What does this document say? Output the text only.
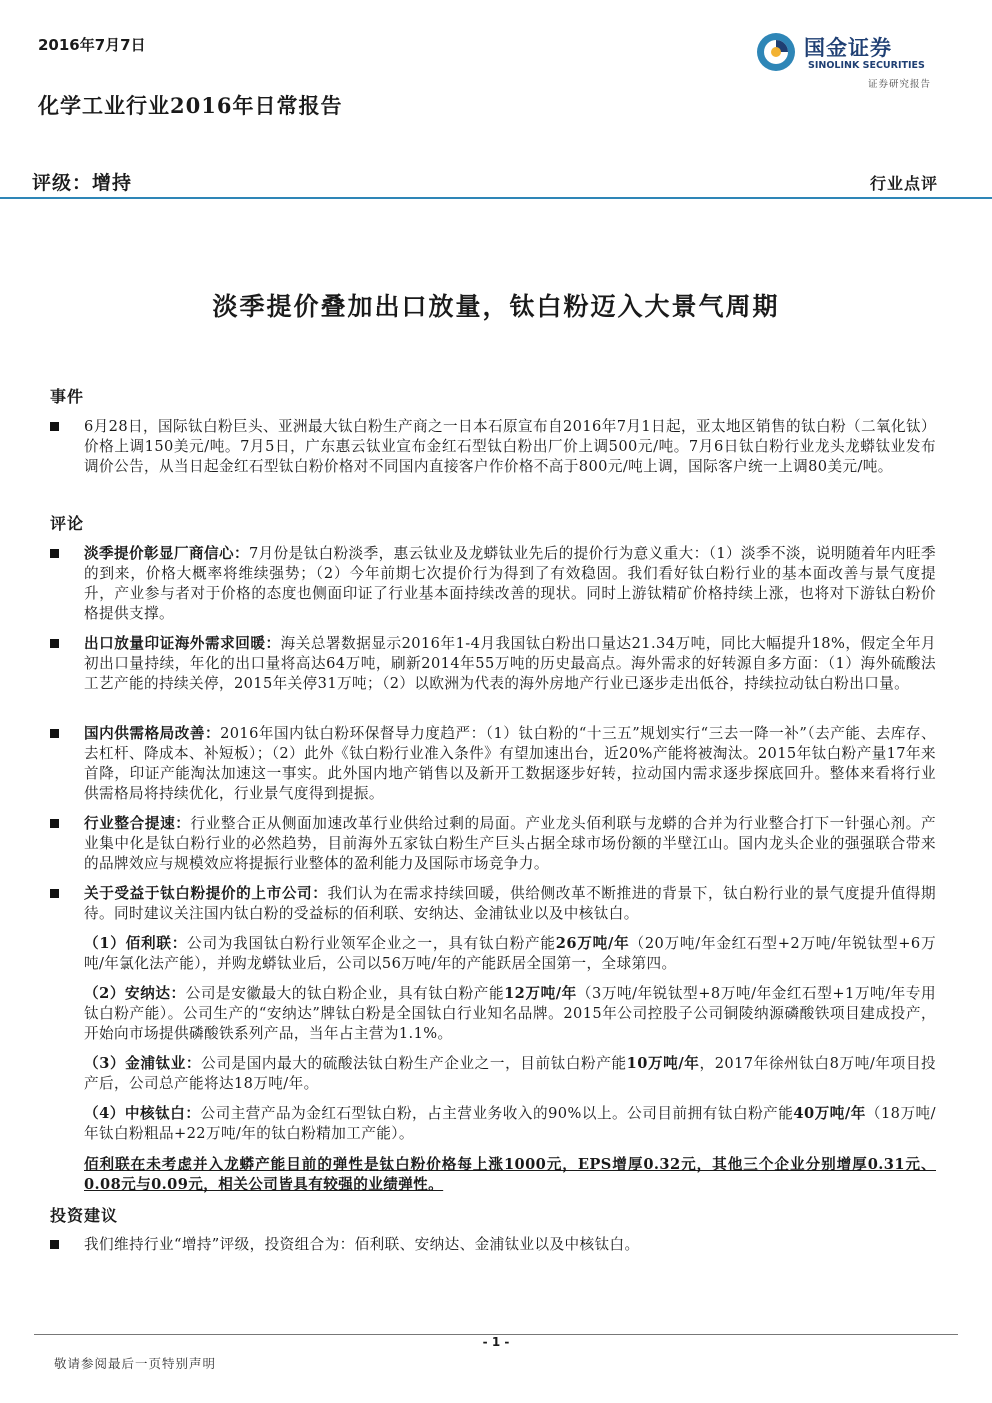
2016年7月7日	国金证券
SINOLINK SECURITIES
证券研究报告
化学工业行业2016年日常报告
评级：增持	行业点评
淡季提价叠加出口放量，钛白粉迈入大景气周期
事件
6月28日，国际钛白粉巨头、亚洲最大钛白粉生产商之一日本石原宣布自2016年7月1日起，亚太地区销售的钛白粉（二氧化钛）价格上调150美元/吨。7月5日，广东惠云钛业宣布金红石型钛白粉出厂价上调500元/吨。7月6日钛白粉行业龙头龙蟒钛业发布调价公告，从当日起金红石型钛白粉价格对不同国内直接客户作价格不高于800元/吨上调，国际客户统一上调80美元/吨。
评论
淡季提价彰显厂商信心：7月份是钛白粉淡季，惠云钛业及龙蟒钛业先后的提价行为意义重大：（1）淡季不淡，说明随着年内旺季的到来，价格大概率将维续强势；（2）今年前期七次提价行为得到了有效稳固。我们看好钛白粉行业的基本面改善与景气度提升，产业参与者对于价格的态度也侧面印证了行业基本面持续改善的现状。同时上游钛精矿价格持续上涨，也将对下游钛白粉价格提供支撑。
出口放量印证海外需求回暖：海关总署数据显示2016年1-4月我国钛白粉出口量达21.34万吨，同比大幅提升18%，假定全年月初出口量持续，年化的出口量将高达64万吨，刷新2014年55万吨的历史最高点。海外需求的好转源自多方面：（1）海外硫酸法工艺产能的持续关停，2015年关停31万吨；（2）以欧洲为代表的海外房地产行业已逐步走出低谷，持续拉动钛白粉出口量。
国内供需格局改善：2016年国内钛白粉环保督导力度趋严：（1）钛白粉的“十三五”规划实行“三去一降一补”（去产能、去库存、去杠杆、降成本、补短板）；（2）此外《钛白粉行业准入条件》有望加速出台，近20%产能将被淘汰。2015年钛白粉产量17年来首降，印证产能淘汰加速这一事实。此外国内地产销售以及新开工数据逐步好转，拉动国内需求逐步探底回升。整体来看将行业供需格局将持续优化，行业景气度得到提振。
行业整合提速：行业整合正从侧面加速改革行业供给过剩的局面。产业龙头佰利联与龙蟒的合并为行业整合打下一针强心剂。产业集中化是钛白粉行业的必然趋势，目前海外五家钛白粉生产巨头占据全球市场份额的半壁江山。国内龙头企业的强强联合带来的品牌效应与规模效应将提振行业整体的盈利能力及国际市场竞争力。
关于受益于钛白粉提价的上市公司：我们认为在需求持续回暖，供给侧改革不断推进的背景下，钛白粉行业的景气度提升值得期待。同时建议关注国内钛白粉的受益标的佰利联、安纳达、金浦钛业以及中核钛白。
（1）佰利联：公司为我国钛白粉行业领军企业之一，具有钛白粉产能26万吨/年（20万吨/年金红石型+2万吨/年锐钛型+6万吨/年氯化法产能），并购龙蟒钛业后，公司以56万吨/年的产能跃居全国第一，全球第四。
（2）安纳达：公司是安徽最大的钛白粉企业，具有钛白粉产能12万吨/年（3万吨/年锐钛型+8万吨/年金红石型+1万吨/年专用钛白粉产能）。公司生产的“安纳达”牌钛白粉是全国钛白行业知名品牌。2015年公司控股子公司铜陵纳源磷酸铁项目建成投产，开始向市场提供磷酸铁系列产品，当年占主营为1.1%。
（3）金浦钛业：公司是国内最大的硫酸法钛白粉生产企业之一，目前钛白粉产能10万吨/年，2017年徐州钛白8万吨/年项目投产后，公司总产能将达18万吨/年。
（4）中核钛白：公司主营产品为金红石型钛白粉，占主营业务收入的90%以上。公司目前拥有钛白粉产能40万吨/年（18万吨/年钛白粉粗品+22万吨/年的钛白粉精加工产能）。
佰利联在未考虑并入龙蟒产能目前的弹性是钛白粉价格每上涨1000元，EPS增厚0.32元，其他三个企业分别增厚0.31元、0.08元与0.09元，相关公司皆具有较强的业绩弹性。
投资建议
我们维持行业“增持”评级，投资组合为：佰利联、安纳达、金浦钛业以及中核钛白。
- 1 -
敬请参阅最后一页特别声明
